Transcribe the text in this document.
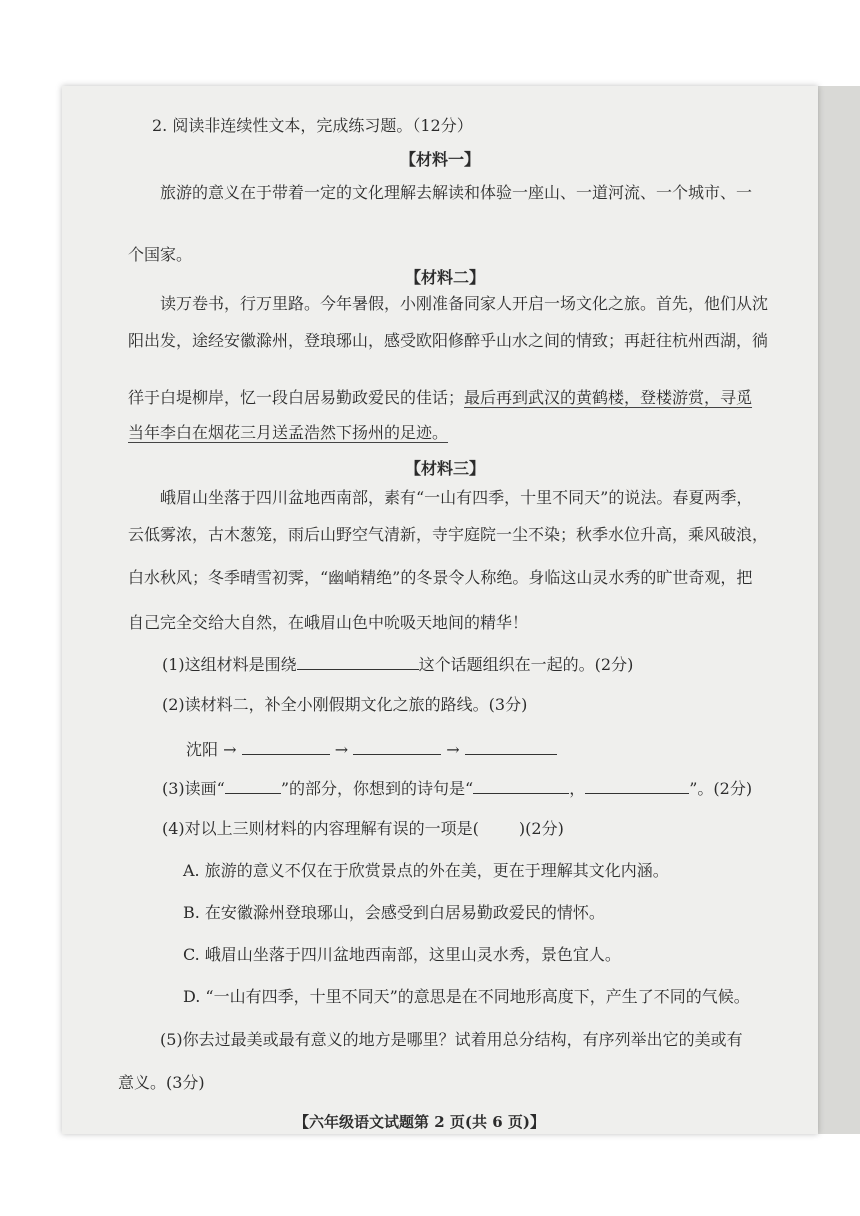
2. 阅读非连续性文本，完成练习题。（12分）
【材料一】
旅游的意义在于带着一定的文化理解去解读和体验一座山、一道河流、一个城市、一
个国家。
【材料二】
读万卷书，行万里路。今年暑假，小刚准备同家人开启一场文化之旅。首先，他们从沈
阳出发，途经安徽滁州，登琅琊山，感受欧阳修醉乎山水之间的情致；再赶往杭州西湖，徜
徉于白堤柳岸，忆一段白居易勤政爱民的佳话；最后再到武汉的黄鹤楼，登楼游赏，寻觅
当年李白在烟花三月送孟浩然下扬州的足迹。
【材料三】
峨眉山坐落于四川盆地西南部，素有“一山有四季，十里不同天”的说法。春夏两季，
云低雾浓，古木葱笼，雨后山野空气清新，寺宇庭院一尘不染；秋季水位升高，乘风破浪，
白水秋风；冬季晴雪初霁，“幽峭精绝”的冬景令人称绝。身临这山灵水秀的旷世奇观，把
自己完全交给大自然，在峨眉山色中吮吸天地间的精华！
(1)这组材料是围绕	这个话题组织在一起的。(2分)
(2)读材料二，补全小刚假期文化之旅的路线。(3分)
沈阳 →	→	→
(3)读画“	”的部分，你想到的诗句是“	，	”。(2分)
(4)对以上三则材料的内容理解有误的一项是(	)(2分)
A. 旅游的意义不仅在于欣赏景点的外在美，更在于理解其文化内涵。
B. 在安徽滁州登琅琊山，会感受到白居易勤政爱民的情怀。
C. 峨眉山坐落于四川盆地西南部，这里山灵水秀，景色宜人。
D. “一山有四季，十里不同天”的意思是在不同地形高度下，产生了不同的气候。
(5)你去过最美或最有意义的地方是哪里？试着用总分结构，有序列举出它的美或有
意义。(3分)
【六年级语文试题第 2 页(共 6 页)】
